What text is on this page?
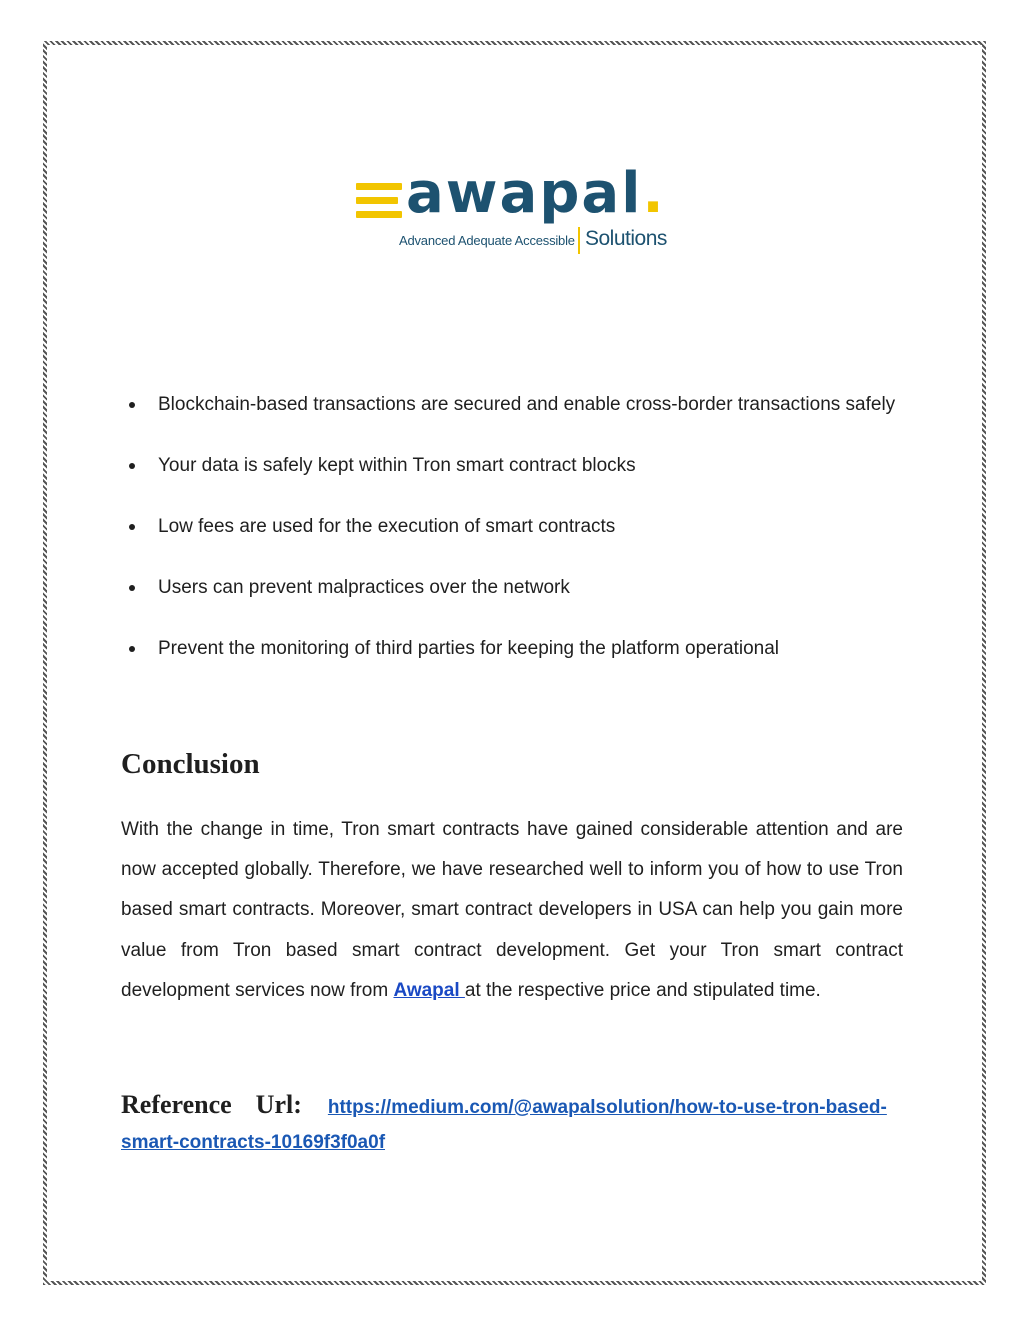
awapal.
Advanced Adequate Accessible Solutions
Blockchain-based transactions are secured and enable cross-border transactions safely
Your data is safely kept within Tron smart contract blocks
Low fees are used for the execution of smart contracts
Users can prevent malpractices over the network
Prevent the monitoring of third parties for keeping the platform operational
Conclusion

With the change in time, Tron smart contracts have gained considerable attention and are now accepted globally. Therefore, we have researched well to inform you of how to use Tron based smart contracts. Moreover, smart contract developers in USA can help you gain more value from Tron based smart contract development. Get your Tron smart contract development services now from Awapal at the respective price and stipulated time.

Reference Url: https://medium.com/@awapalsolution/how-to-use-tron-based-smart-contracts-10169f3f0a0f
